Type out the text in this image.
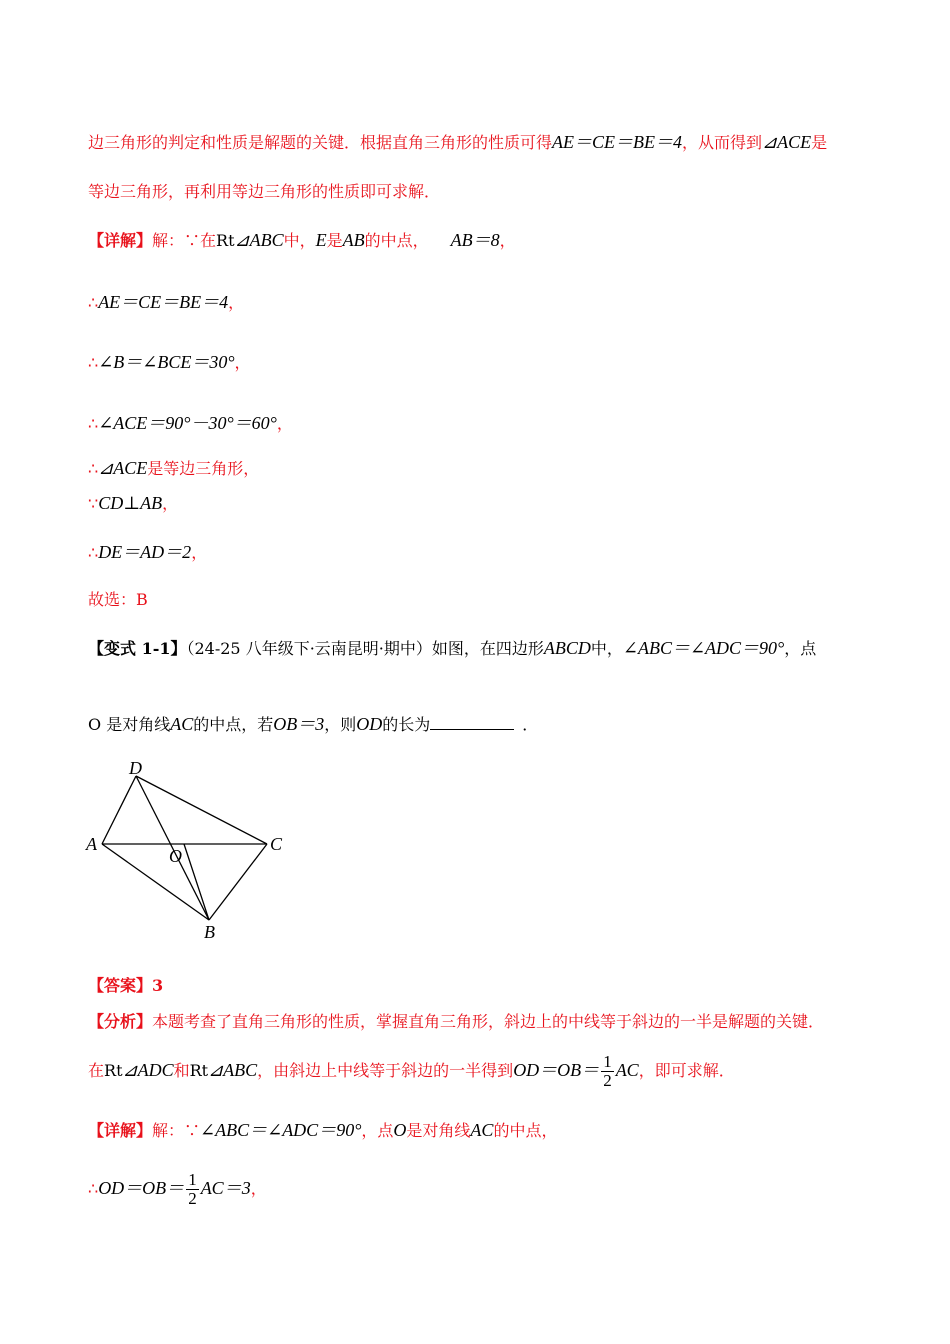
边三角形的判定和性质是解题的关键．根据直角三角形的性质可得AE＝CE＝BE＝4，从而得到⊿ACE是
等边三角形，再利用等边三角形的性质即可求解．
【详解】解：∵在Rt⊿ABC中，E是AB的中点， AB＝8，
∴AE＝CE＝BE＝4，
∴∠B＝∠BCE＝30°，
∴∠ACE＝90°－30°＝60°，
∴⊿ACE是等边三角形，
∵CD⊥AB，
∴DE＝AD＝2，
故选：B
【变式 1-1】（24-25 八年级下·云南昆明·期中）如图，在四边形ABCD中，∠ABC＝∠ADC＝90°，点
O 是对角线AC的中点，若OB＝3，则OD的长为	．
D
A
O
C
B
【答案】3
【分析】本题考查了直角三角形的性质，掌握直角三角形，斜边上的中线等于斜边的一半是解题的关键．
在Rt⊿ADC和Rt⊿ABC，由斜边上中线等于斜边的一半得到$OD=OB= \frac{1}{2}$ AC，即可求解．
【详解】解：∵∠ABC＝∠ADC＝90°，点O是对角线AC的中点，
∴OD＝OB＝ $\frac{1}{2} AC=3$，
